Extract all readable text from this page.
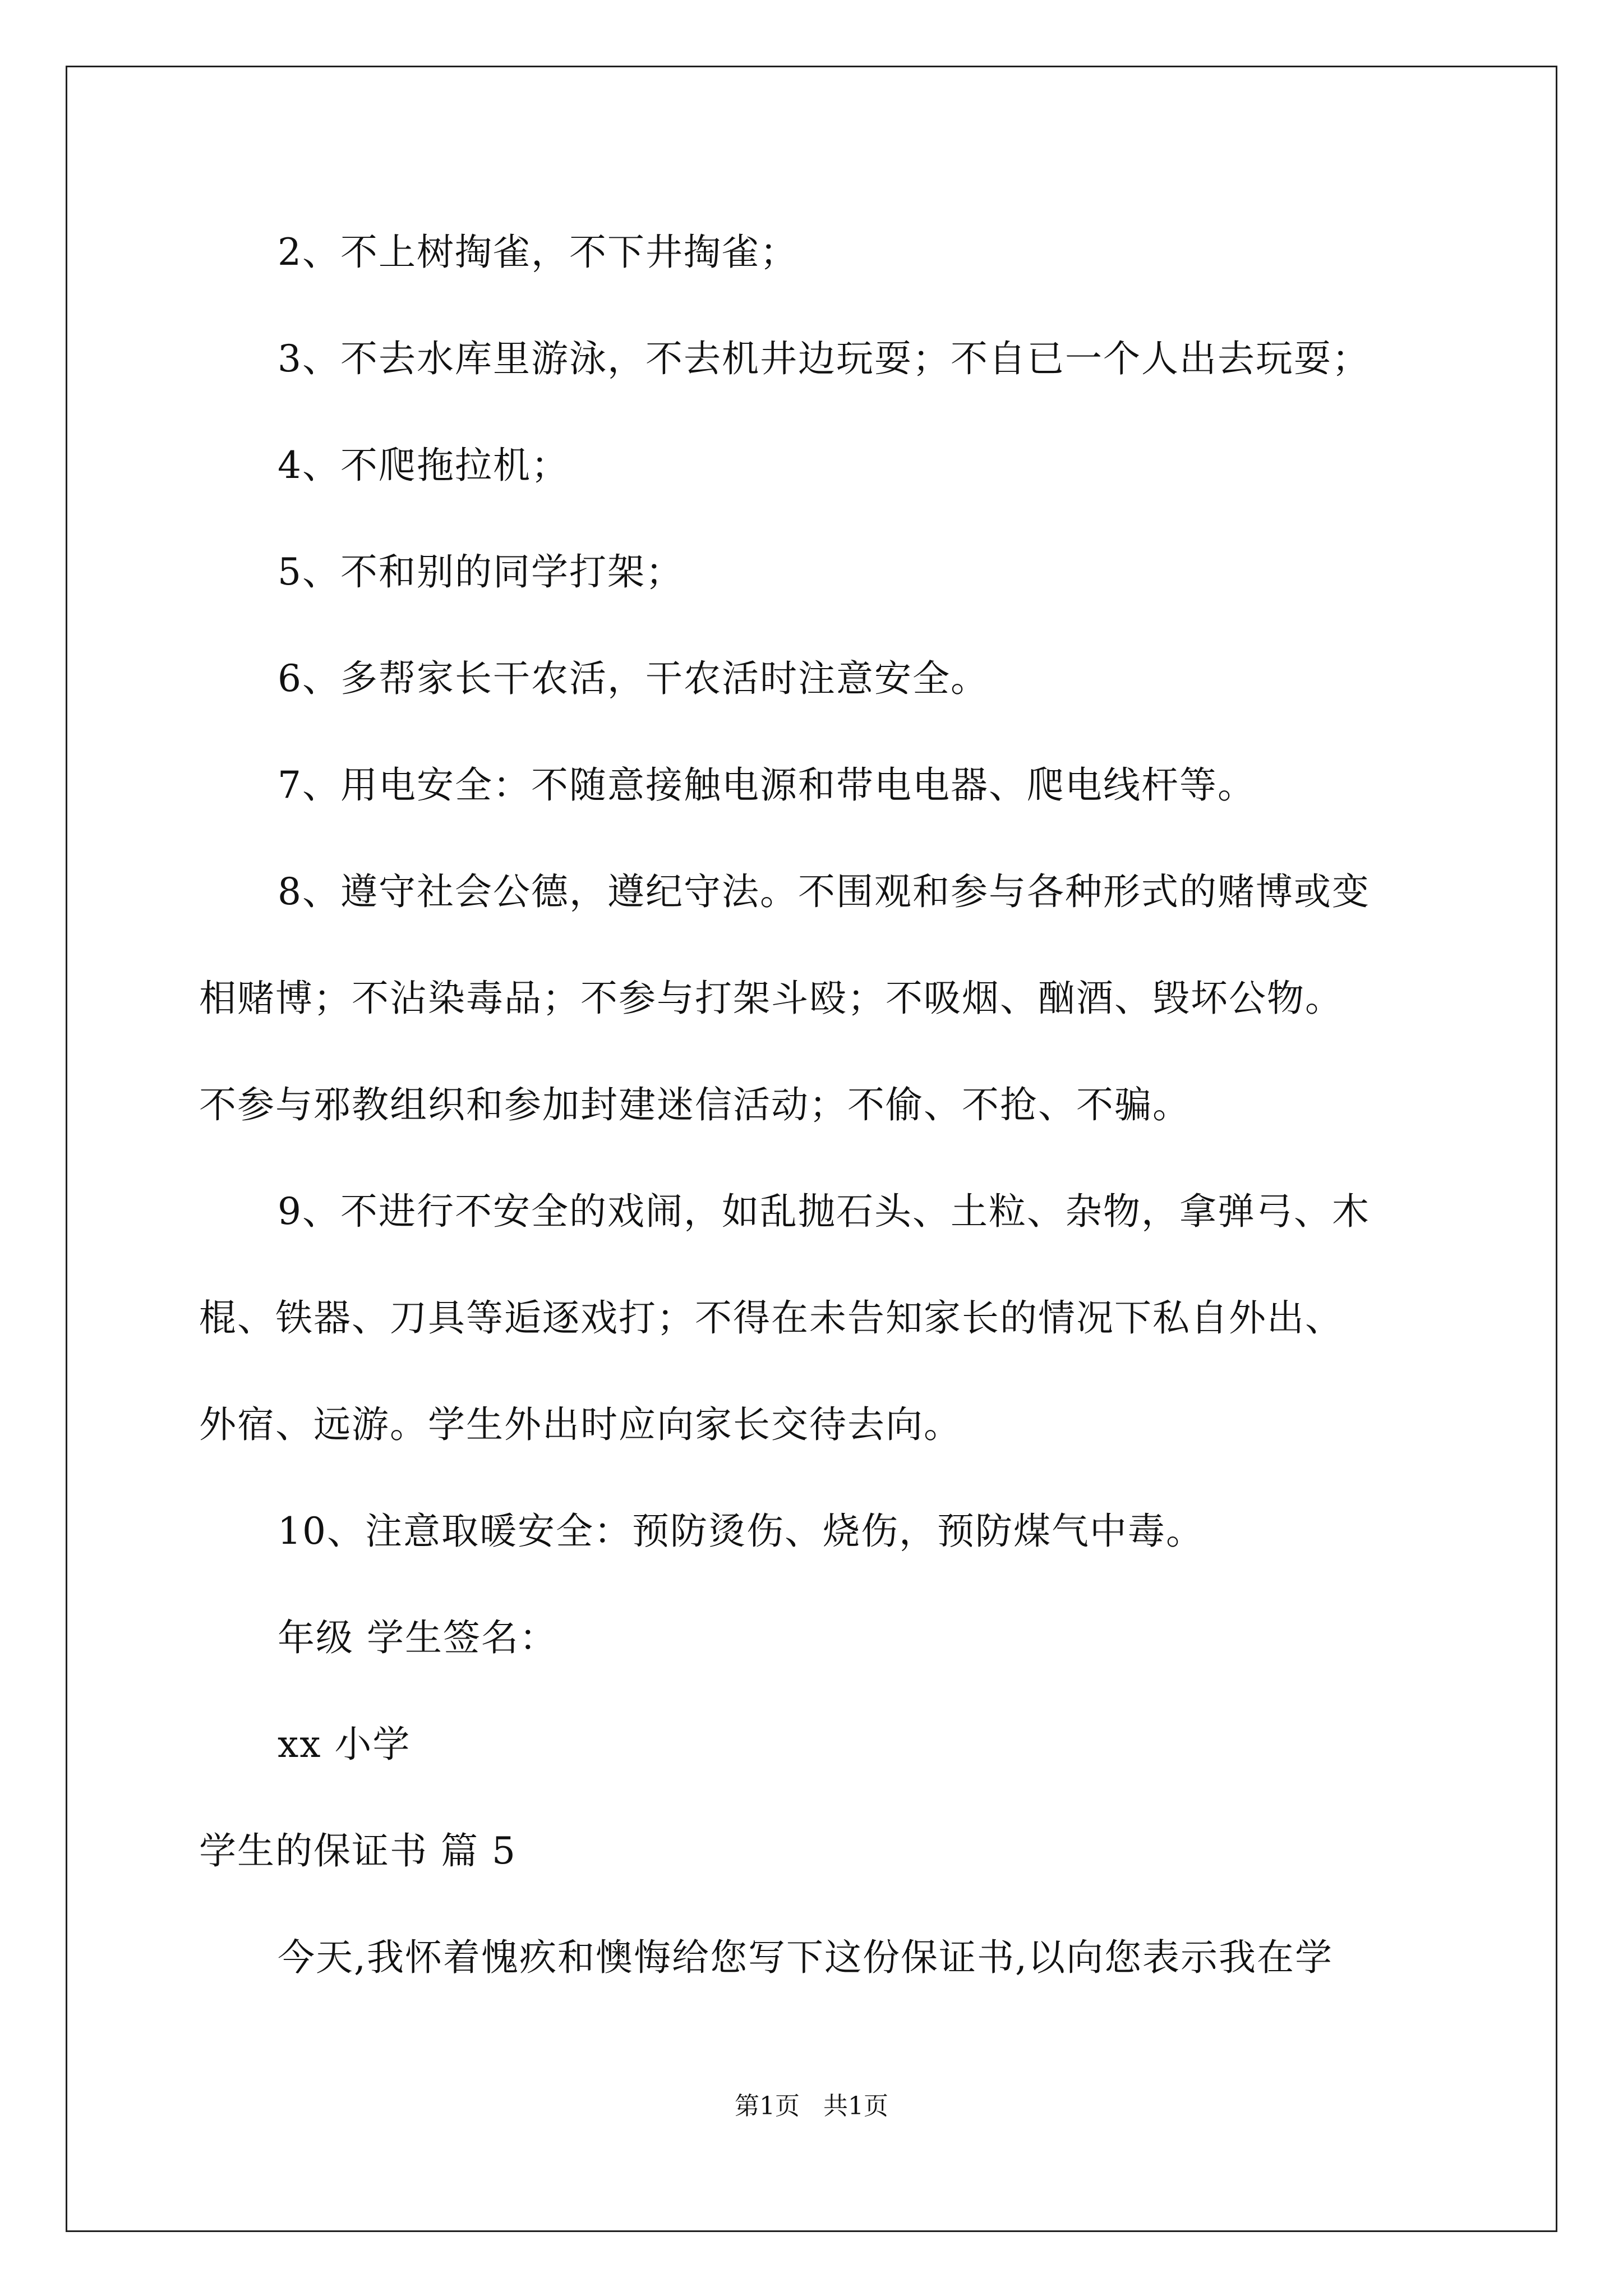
2、不上树掏雀，不下井掏雀；
3、不去水库里游泳，不去机井边玩耍；不自已一个人出去玩耍；
4、不爬拖拉机；
5、不和别的同学打架；
6、多帮家长干农活，干农活时注意安全。
7、用电安全：不随意接触电源和带电电器、爬电线杆等。
8、遵守社会公德，遵纪守法。不围观和参与各种形式的赌博或变
相赌博；不沾染毒品；不参与打架斗殴；不吸烟、酗酒、毁坏公物。
不参与邪教组织和参加封建迷信活动；不偷、不抢、不骗。
9、不进行不安全的戏闹，如乱抛石头、土粒、杂物，拿弹弓、木
棍、铁器、刀具等逅逐戏打；不得在未告知家长的情况下私自外出、
外宿、远游。学生外出时应向家长交待去向。
10、注意取暖安全：预防烫伤、烧伤，预防煤气中毒。
年级 学生签名：
xx 小学
学生的保证书 篇 5
今天,我怀着愧疚和懊悔给您写下这份保证书,以向您表示我在学
第1页   共1页
